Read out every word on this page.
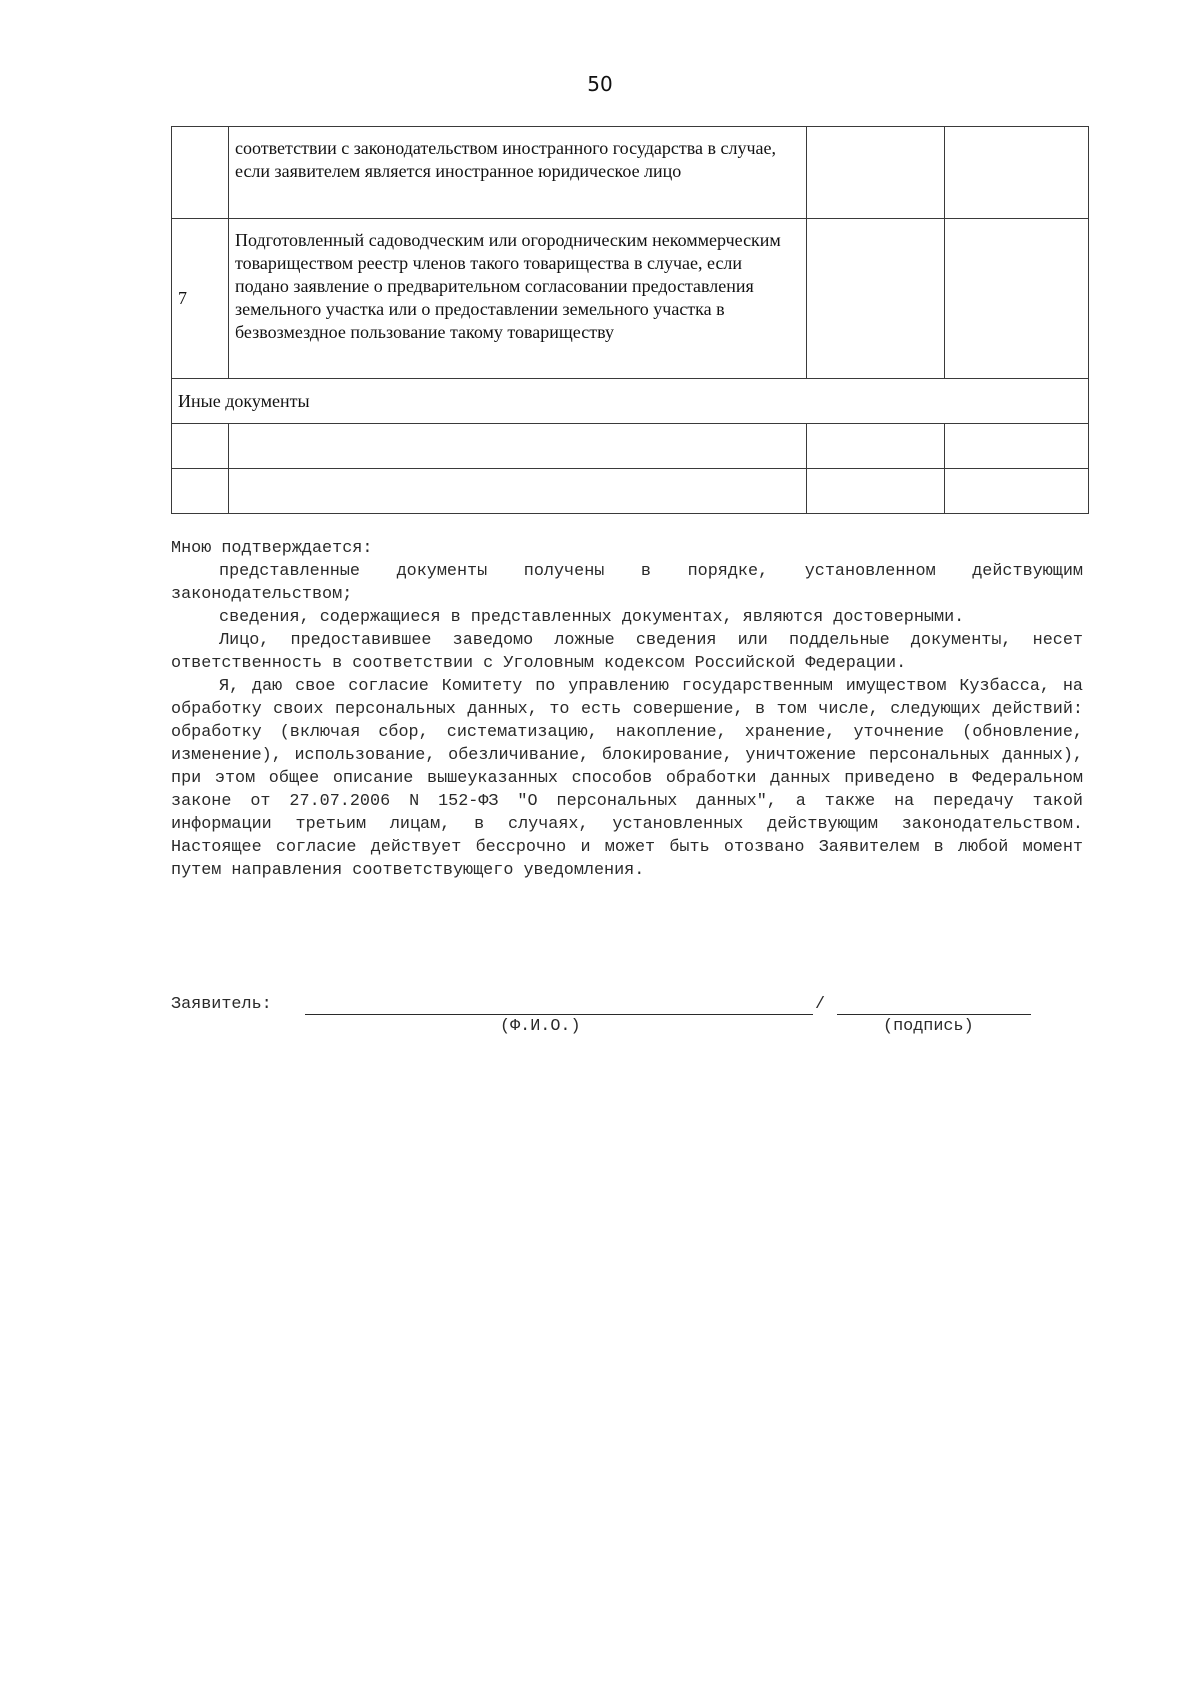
50
	соответствии с законодательством иностранного государства в случае, если заявителем является иностранное юридическое лицо		
7	Подготовленный садоводческим или огородническим некоммерческим товариществом реестр членов такого товарищества в случае, если подано заявление о предварительном согласовании предоставления земельного участка или о предоставлении земельного участка в безвозмездное пользование такому товариществу		
Иные документы			

Мною подтверждается:

представленные документы получены в порядке, установленном действующим законодательством;

сведения, содержащиеся в представленных документах, являются достоверными.

Лицо, предоставившее заведомо ложные сведения или поддельные документы, несет ответственность в соответствии с Уголовным кодексом Российской Федерации.

Я, даю свое согласие Комитету по управлению государственным имуществом Кузбасса, на обработку своих персональных данных, то есть совершение, в том числе, следующих действий: обработку (включая сбор, систематизацию, накопление, хранение, уточнение (обновление, изменение), использование, обезличивание, блокирование, уничтожение персональных данных), при этом общее описание вышеуказанных способов обработки данных приведено в Федеральном законе от 27.07.2006 N 152-ФЗ "О персональных данных", а также на передачу такой информации третьим лицам, в случаях, установленных действующим законодательством. Настоящее согласие действует бессрочно и может быть отозвано Заявителем в любой момент путем направления соответствующего уведомления.

Заявитель:	/
(Ф.И.О.)	(подпись)
